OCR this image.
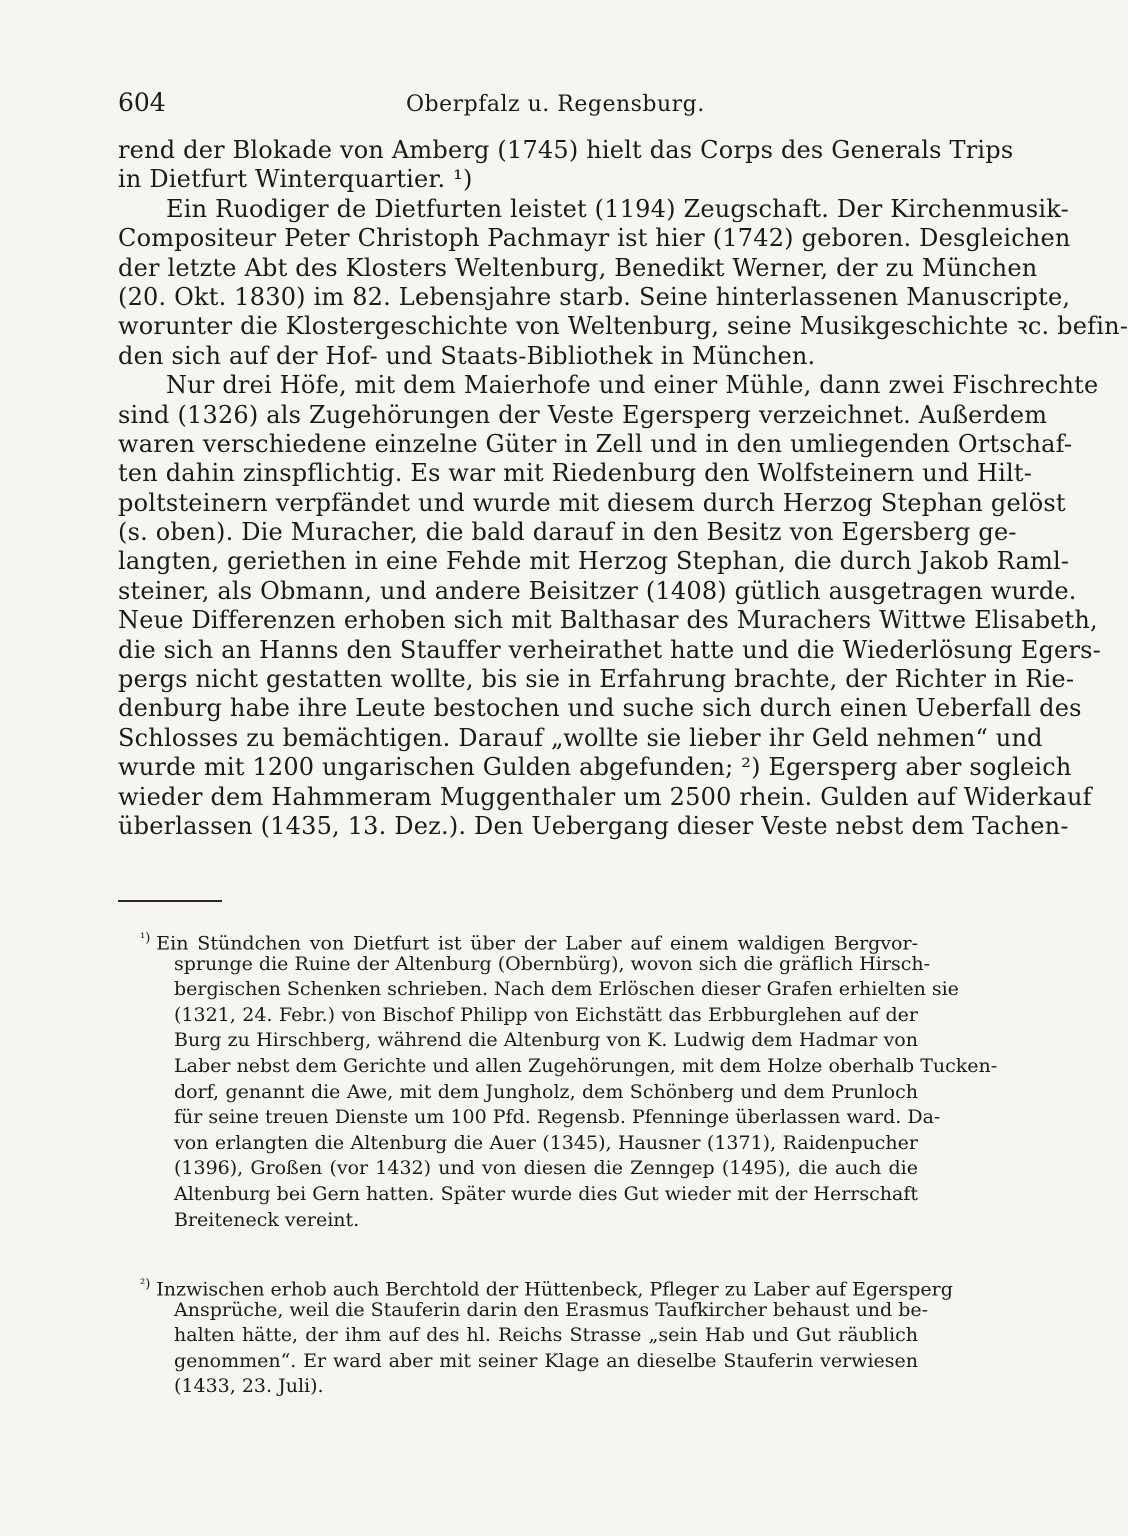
604	Oberpfalz u. Regensburg.
rend der Blokade von Amberg (1745) hielt das Corps des Generals Trips
in Dietfurt Winterquartier. ¹)
Ein Ruodiger de Dietfurten leistet (1194) Zeugschaft. Der Kirchenmusik-
Compositeur Peter Christoph Pachmayr ist hier (1742) geboren. Desgleichen
der letzte Abt des Klosters Weltenburg, Benedikt Werner, der zu München
(20. Okt. 1830) im 82. Lebensjahre starb. Seine hinterlassenen Manuscripte,
worunter die Klostergeschichte von Weltenburg, seine Musikgeschichte ꝛc. befin-
den sich auf der Hof- und Staats-Bibliothek in München.
Nur drei Höfe, mit dem Maierhofe und einer Mühle, dann zwei Fischrechte
sind (1326) als Zugehörungen der Veste Egersperg verzeichnet. Außerdem
waren verschiedene einzelne Güter in Zell und in den umliegenden Ortschaf-
ten dahin zinspflichtig. Es war mit Riedenburg den Wolfsteinern und Hilt-
poltsteinern verpfändet und wurde mit diesem durch Herzog Stephan gelöst
(s. oben). Die Muracher, die bald darauf in den Besitz von Egersberg ge-
langten, geriethen in eine Fehde mit Herzog Stephan, die durch Jakob Raml-
steiner, als Obmann, und andere Beisitzer (1408) gütlich ausgetragen wurde.
Neue Differenzen erhoben sich mit Balthasar des Murachers Wittwe Elisabeth,
die sich an Hanns den Stauffer verheirathet hatte und die Wiederlösung Egers-
pergs nicht gestatten wollte, bis sie in Erfahrung brachte, der Richter in Rie-
denburg habe ihre Leute bestochen und suche sich durch einen Ueberfall des
Schlosses zu bemächtigen. Darauf „wollte sie lieber ihr Geld nehmen“ und
wurde mit 1200 ungarischen Gulden abgefunden; ²) Egersperg aber sogleich
wieder dem Hahmmeram Muggenthaler um 2500 rhein. Gulden auf Widerkauf
überlassen (1435, 13. Dez.). Den Uebergang dieser Veste nebst dem Tachen-
$^{^1)}$ Ein Stündchen von Dietfurt ist über der Laber auf einem waldigen Bergvor-
sprunge die Ruine der Altenburg (Obernbürg), wovon sich die gräflich Hirsch-
bergischen Schenken schrieben. Nach dem Erlöschen dieser Grafen erhielten sie
(1321, 24. Febr.) von Bischof Philipp von Eichstätt das Erbburglehen auf der
Burg zu Hirschberg, während die Altenburg von K. Ludwig dem Hadmar von
Laber nebst dem Gerichte und allen Zugehörungen, mit dem Holze oberhalb Tucken-
dorf, genannt die Awe, mit dem Jungholz, dem Schönberg und dem Prunloch
für seine treuen Dienste um 100 Pfd. Regensb. Pfenninge überlassen ward. Da-
von erlangten die Altenburg die Auer (1345), Hausner (1371), Raidenpucher
(1396), Großen (vor 1432) und von diesen die Zenngер (1495), die auch die
Altenburg bei Gern hatten. Später wurde dies Gut wieder mit der Herrschaft
Breiteneck vereint.
$^{^2)}$ Inzwischen erhob auch Berchtold der Hüttenbeck, Pfleger zu Laber auf Egersperg
Ansprüche, weil die Stauferin darin den Erasmus Taufkircher behaust und be-
halten hätte, der ihm auf des hl. Reichs Strasse „sein Hab und Gut räublich
genommen“. Er ward aber mit seiner Klage an dieselbe Stauferin verwiesen
(1433, 23. Juli).
